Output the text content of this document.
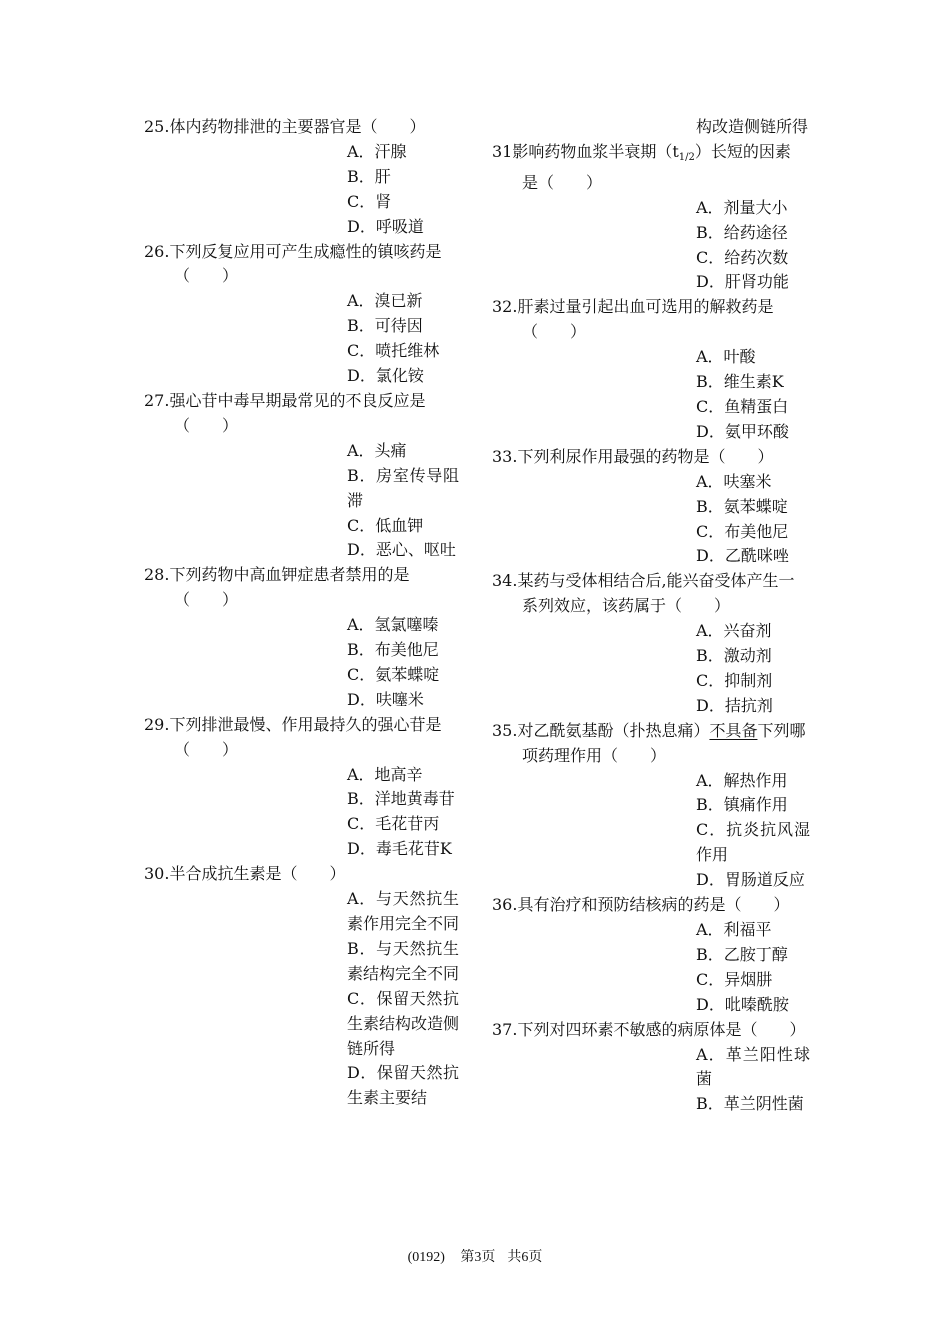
25.体内药物排泄的主要器官是（　　）
A．汗腺
B．肝
C．肾
D．呼吸道
26.下列反复应用可产生成瘾性的镇咳药是
（　　）
A．溴已新
B．可待因
C．喷托维林
D．氯化铵
27.强心苷中毒早期最常见的不良反应是
（　　）
A．头痛
B．房室传导阻滞
C．低血钾
D．恶心、呕吐
28.下列药物中高血钾症患者禁用的是
（　　）
A．氢氯噻嗪
B．布美他尼
C．氨苯蝶啶
D．呋噻米
29.下列排泄最慢、作用最持久的强心苷是
（　　）
A．地高辛
B．洋地黄毒苷
C．毛花苷丙
D．毒毛花苷K
30.半合成抗生素是（　　）
A．与天然抗生素作用完全不同
B．与天然抗生素结构完全不同
C．保留天然抗生素结构改造侧链所得
D．保留天然抗生素主要结
构改造侧链所得
31影响药物血浆半衰期$(t_{1/2})$长短的因素
是（　　）
A．剂量大小
B．给药途径
C．给药次数
D．肝肾功能
32.肝素过量引起出血可选用的解救药是
（　　）
A．叶酸
B．维生素K
C．鱼精蛋白
D．氨甲环酸
33.下列利尿作用最强的药物是（　　）
A．呋塞米
B．氨苯蝶啶
C．布美他尼
D．乙酰咪唑
34.某药与受体相结合后,能兴奋受体产生一
系列效应，该药属于（　　）
A．兴奋剂
B．激动剂
C．抑制剂
D．拮抗剂
35.对乙酰氨基酚（扑热息痛）不具备下列哪
项药理作用（　　）
A．解热作用
B．镇痛作用
C．抗炎抗风湿作用
D．胃肠道反应
36.具有治疗和预防结核病的药是（　　）
A．利福平
B．乙胺丁醇
C．异烟肼
D．吡嗪酰胺
37.下列对四环素不敏感的病原体是（　　）
A．革兰阳性球菌
B．革兰阴性菌
(0192) 第3页 共6页
